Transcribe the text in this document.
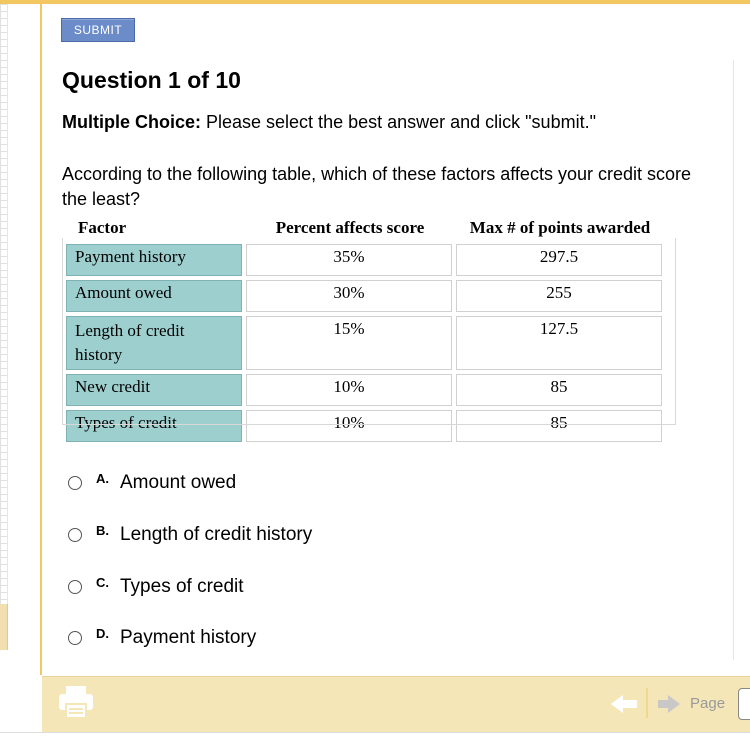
SUBMIT
Question 1 of 10
Multiple Choice: Please select the best answer and click "submit."
According to the following table, which of these factors affects your credit score the least?
Factor	Percent affects score	Max # of points awarded
Payment history	35%	297.5
Amount owed	30%	255
Length of credit history	15%	127.5
New credit	10%	85
Types of credit	10%	85
A. Amount owed
B. Length of credit history
C. Types of credit
D. Payment history
Page
